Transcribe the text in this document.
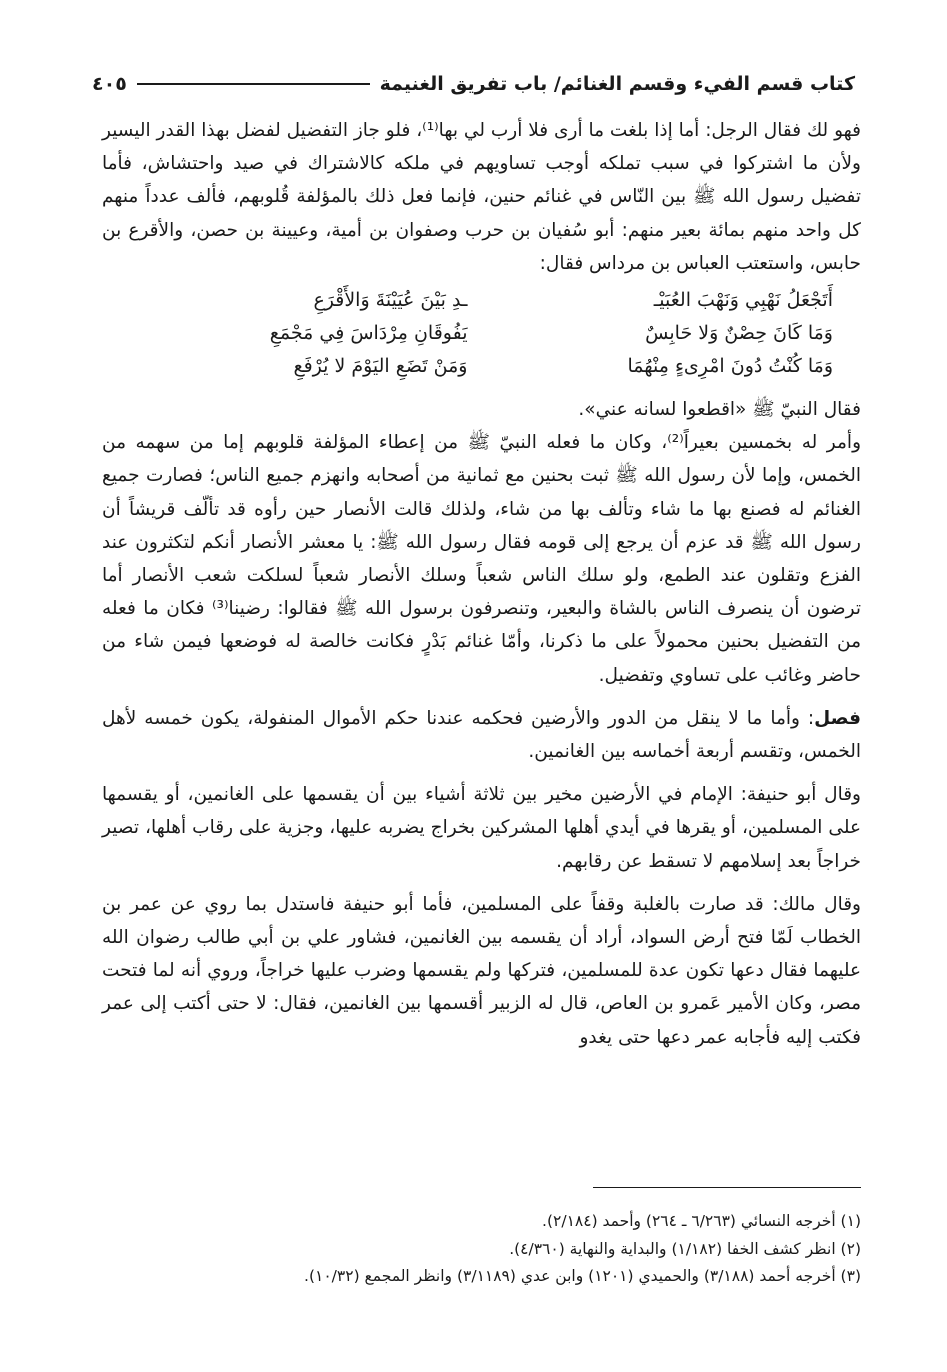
كتاب قسم الفيء وقسم الغنائم/ باب تفريق الغنيمة
٤٠٥

فهو لك فقال الرجل: أما إذا بلغت ما أرى فلا أرب لي بها⁽¹⁾، فلو جاز التفضيل لفضل بهذا القدر اليسير ولأن ما اشتركوا في سبب تملكه أوجب تساويهم في ملكه كالاشتراك في صيد واحتشاش، فأما تفضيل رسول الله ﷺ بين النّاس في غنائم حنين، فإنما فعل ذلك بالمؤلفة قُلوبهم، فألف عدداً منهم كل واحد منهم بمائة بعير منهم: أبو سُفيان بن حرب وصفوان بن أمية، وعيينة بن حصن، والأقرع بن حابس، واستعتب العباس بن مرداس فقال:

أَتَجْعَلُ نَهْبِي وَنَهْبَ العُبَيْـ
ـدِ بَيْنَ عُيَيْنَةَ وَالأَقْرَعِ
وَمَا كَانَ حِصْنٌ وَلا حَابِسٌ
يَفُوقَانِ مِرْدَاسَ فِي مَجْمَعِ
وَمَا كُنْتُ دُونَ امْرِىءٍ مِنْهُمَا
وَمَنْ تَضَعِ اليَوْمَ لا يُرْفَعِ

فقال النبيّ ﷺ «اقطعوا لسانه عني».

وأمر له بخمسين بعيراً⁽²⁾، وكان ما فعله النبيّ ﷺ من إعطاء المؤلفة قلوبهم إما من سهمه من الخمس، وإما لأن رسول الله ﷺ ثبت بحنين مع ثمانية من أصحابه وانهزم جميع الناس؛ فصارت جميع الغنائم له فصنع بها ما شاء وتألف بها من شاء، ولذلك قالت الأنصار حين رأوه قد تألّف قريشاً أن رسول الله ﷺ قد عزم أن يرجع إلى قومه فقال رسول الله ﷺ: يا معشر الأنصار أنكم لتكثرون عند الفزع وتقلون عند الطمع، ولو سلك الناس شعباً وسلك الأنصار شعباً لسلكت شعب الأنصار أما ترضون أن ينصرف الناس بالشاة والبعير، وتنصرفون برسول الله ﷺ فقالوا: رضينا⁽³⁾ فكان ما فعله من التفضيل بحنين محمولاً على ما ذكرنا، وأمّا غنائم بَدْرٍ فكانت خالصة له فوضعها فيمن شاء من حاضر وغائب على تساوي وتفضيل.

فصل: وأما ما لا ينقل من الدور والأرضين فحكمه عندنا حكم الأموال المنفولة، يكون خمسه لأهل الخمس، وتقسم أربعة أخماسه بين الغانمين.

وقال أبو حنيفة: الإمام في الأرضين مخير بين ثلاثة أشياء بين أن يقسمها على الغانمين، أو يقسمها على المسلمين، أو يقرها في أيدي أهلها المشركين بخراج يضربه عليها، وجزية على رقاب أهلها، تصير خراجاً بعد إسلامهم لا تسقط عن رقابهم.

وقال مالك: قد صارت بالغلبة وقفاً على المسلمين، فأما أبو حنيفة فاستدل بما روي عن عمر بن الخطاب لَمّا فتح أرض السواد، أراد أن يقسمه بين الغانمين، فشاور علي بن أبي طالب رضوان الله عليهما فقال دعها تكون عدة للمسلمين، فتركها ولم يقسمها وضرب عليها خراجاً، وروي أنه لما فتحت مصر، وكان الأمير عَمرو بن العاص، قال له الزبير أقسمها بين الغانمين، فقال: لا حتى أكتب إلى عمر فكتب إليه فأجابه عمر دعها حتى يغدو

(١) أخرجه النسائي (٦/٢٦٣ ـ ٢٦٤) وأحمد (٢/١٨٤).
(٢) انظر كشف الخفا (١/١٨٢) والبداية والنهاية (٤/٣٦٠).
(٣) أخرجه أحمد (٣/١٨٨) والحميدي (١٢٠١) وابن عدي (٣/١١٨٩) وانظر المجمع (١٠/٣٢).
